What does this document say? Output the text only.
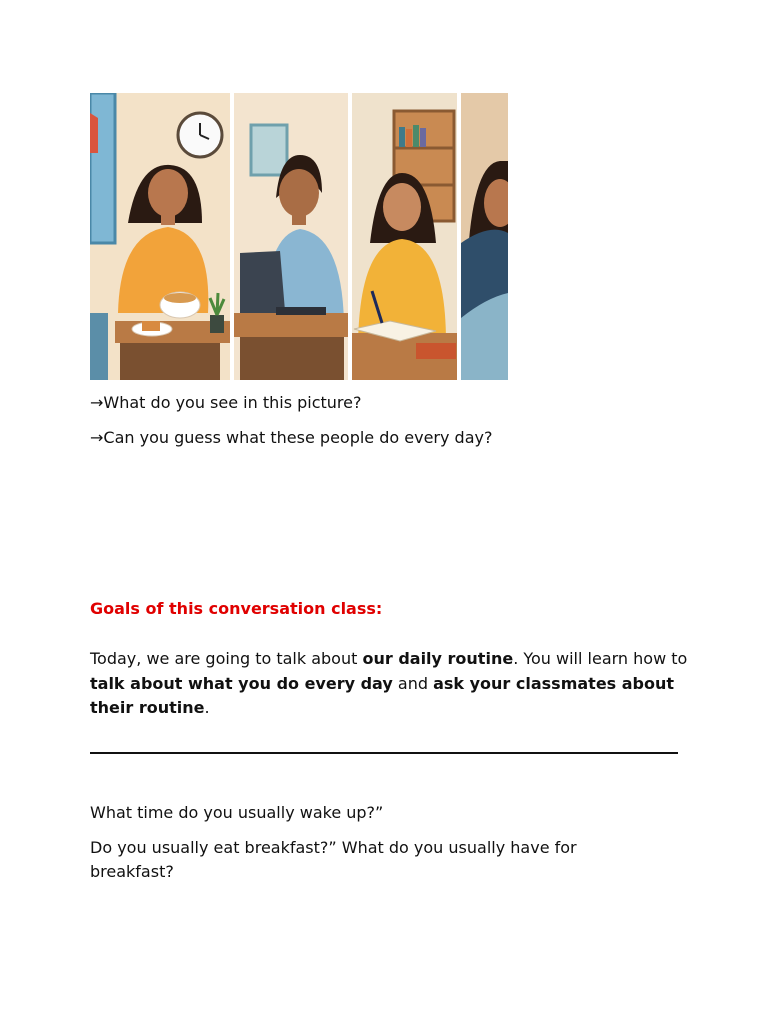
→What do you see in this picture?

→Can you guess what these people do every day?

Goals of this conversation class:

Today, we are going to talk about our daily routine. You will learn how to talk about what you do every day and ask your classmates about their routine.

What time do you usually wake up?”

Do you usually eat breakfast?” What do you usually have for breakfast?
